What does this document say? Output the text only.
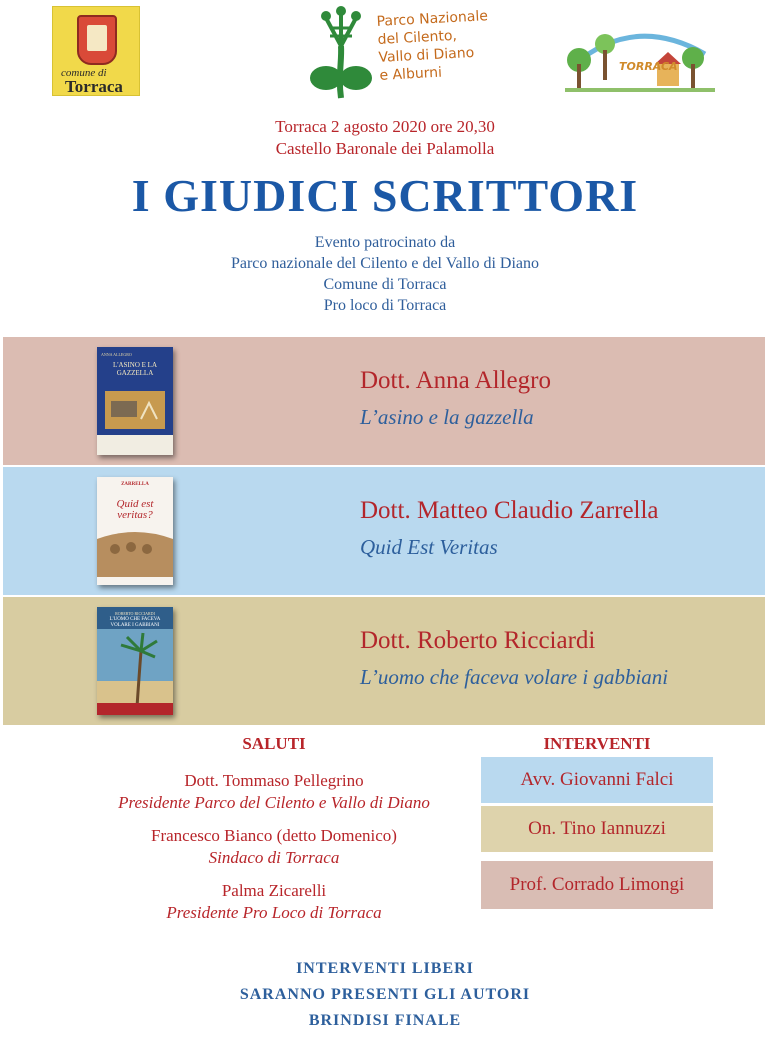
comune di
Torraca
Parco Nazionale
del Cilento,
Vallo di Diano
e Alburni	TORRACA
Torraca 2 agosto 2020 ore 20,30
Castello Baronale dei Palamolla
I GIUDICI SCRITTORI
Evento patrocinato da
Parco nazionale del Cilento e del Vallo di Diano
Comune di Torraca
Pro loco di Torraca
ANNA ALLEGRO
L'ASINO E LA GAZZELLA	Dott. Anna Allegro
L’asino e la gazzella
ZARRELLA
Quid est veritas?	Dott. Matteo Claudio Zarrella
Quid Est Veritas
ROBERTO RICCIARDI
L'UOMO CHE FACEVA VOLARE I GABBIANI
Dott. Roberto Ricciardi
L’uomo che faceva volare i gabbiani
SALUTI
Dott. Tommaso Pellegrino
Presidente Parco del Cilento e Vallo di Diano
Francesco Bianco (detto Domenico)
Sindaco di Torraca
Palma Zicarelli
Presidente Pro Loco di Torraca
INTERVENTI
Avv. Giovanni Falci
On. Tino Iannuzzi
Prof. Corrado Limongi
INTERVENTI LIBERI
SARANNO PRESENTI GLI AUTORI
BRINDISI FINALE
